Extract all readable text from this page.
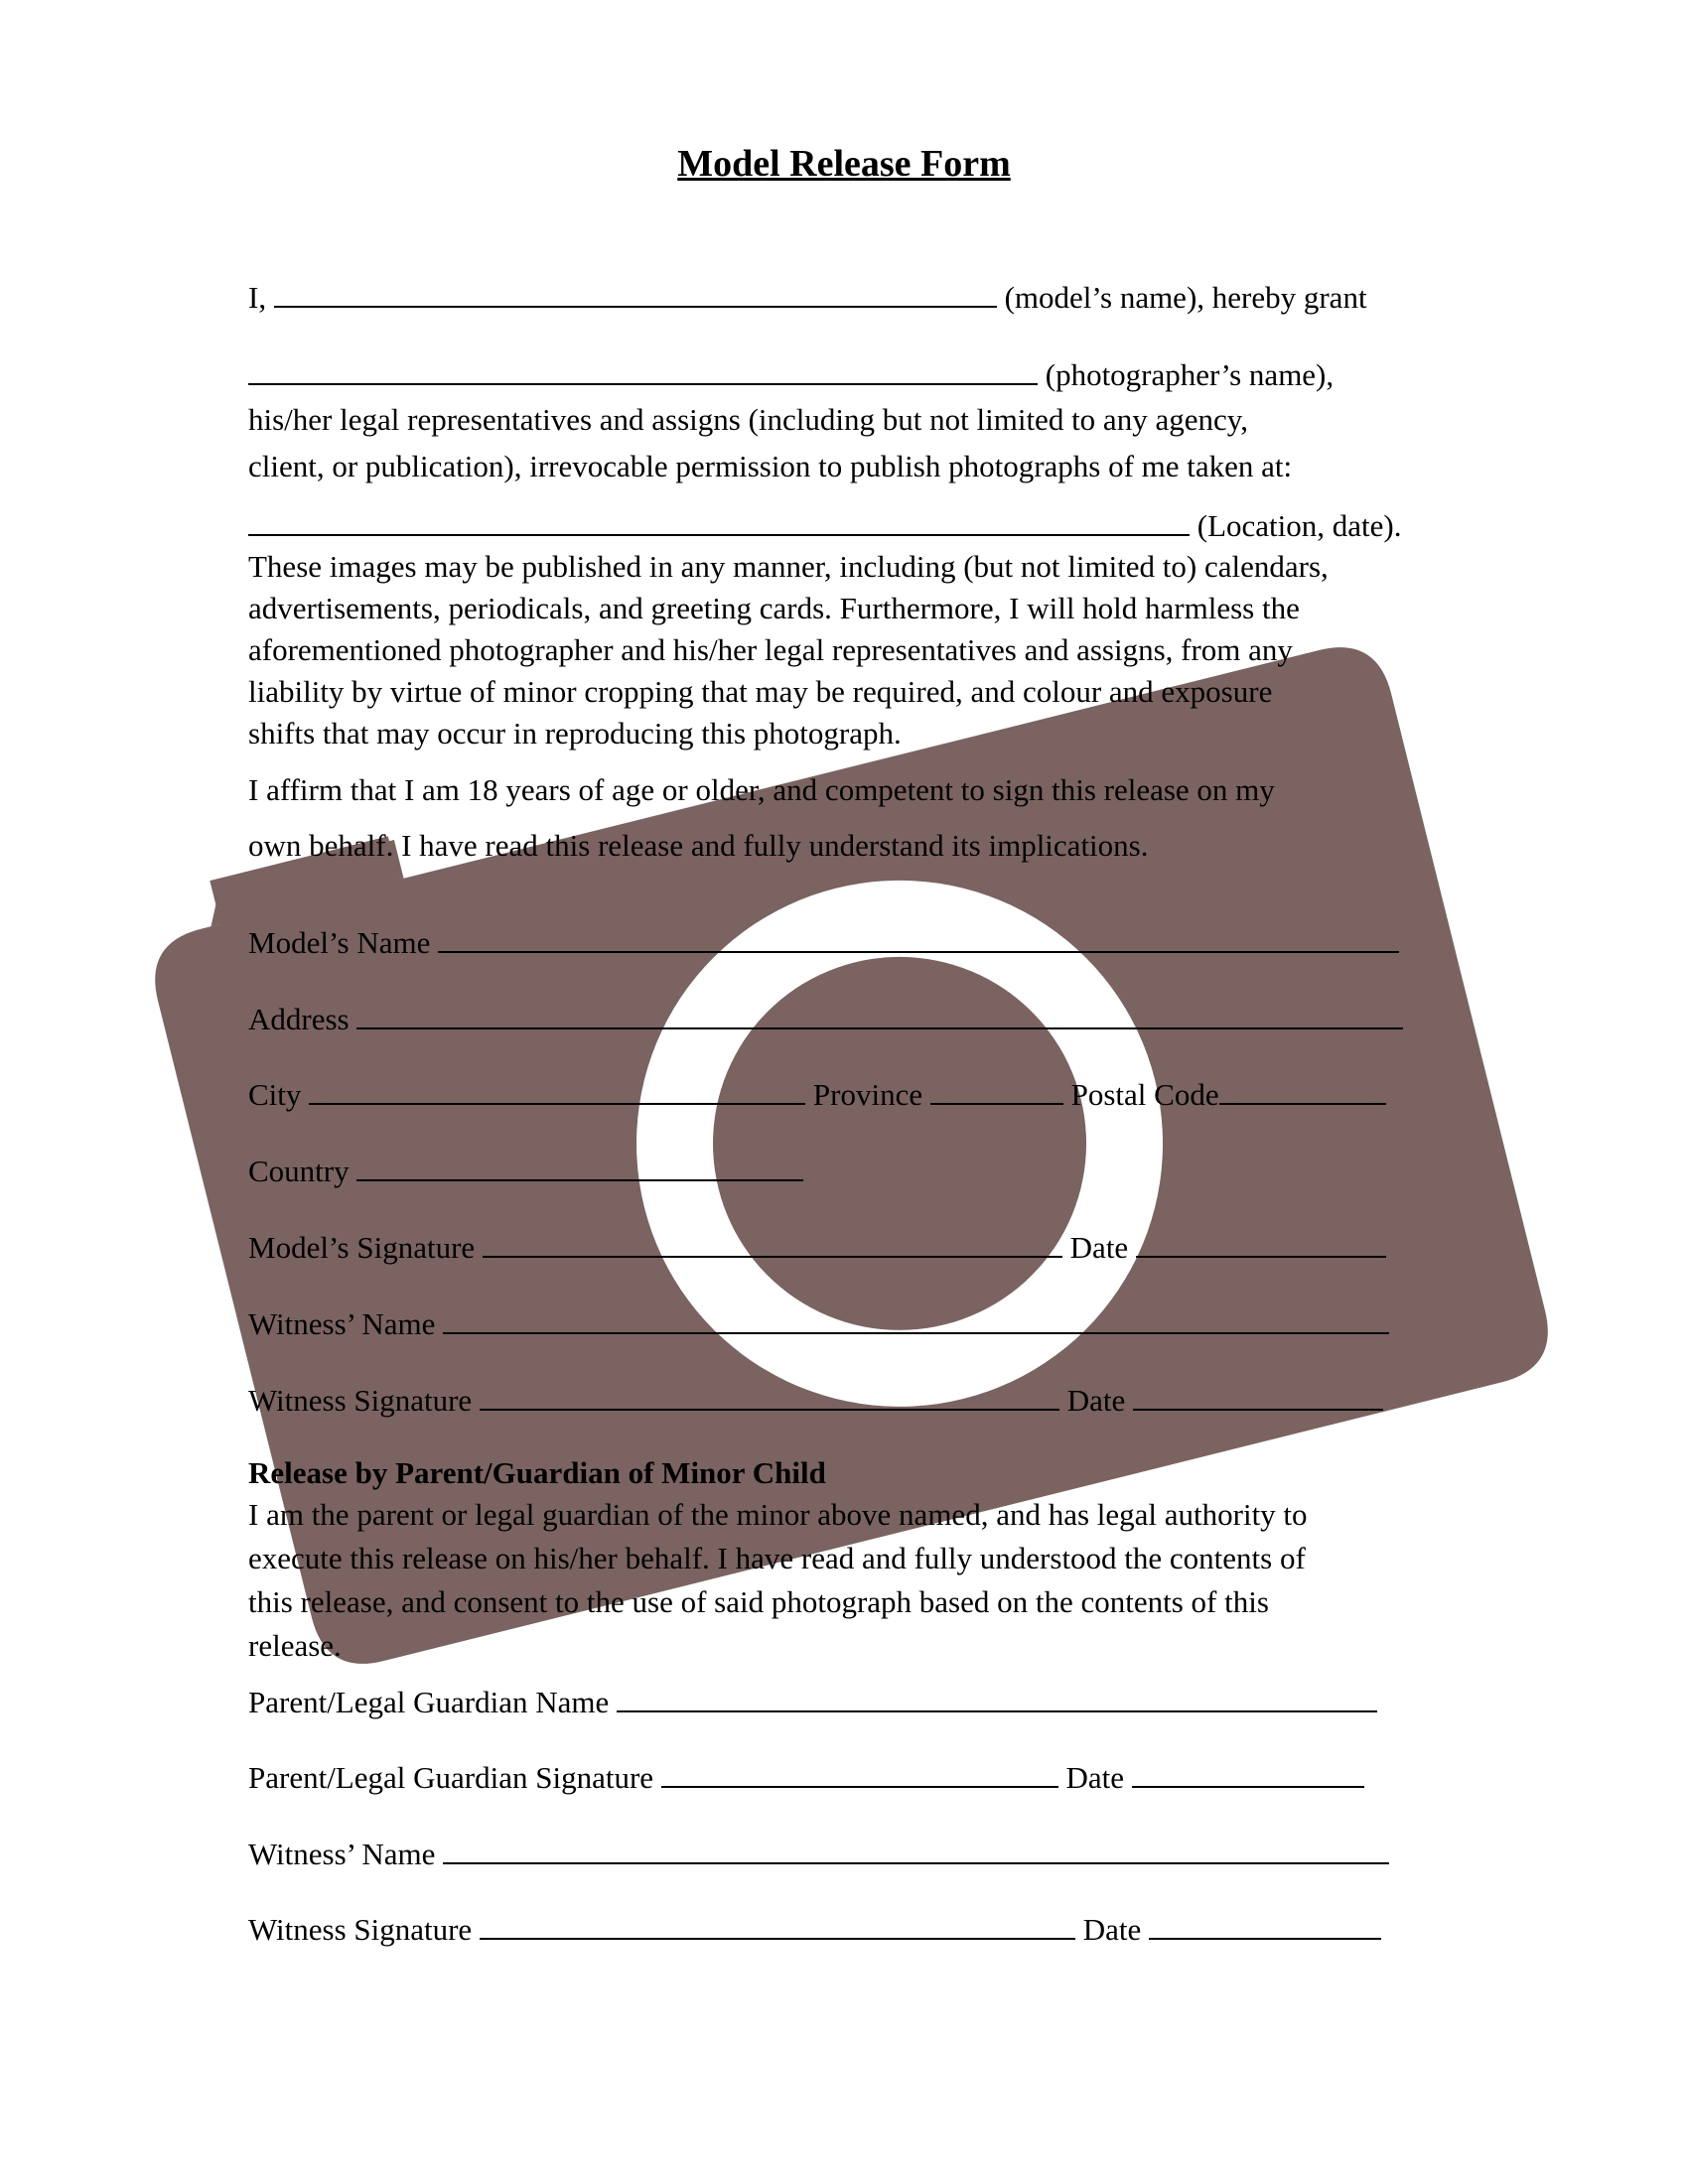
Model Release Form
I,	(model’s name), hereby grant
(photographer’s name),
his/her legal representatives and assigns (including but not limited to any agency,
client, or publication), irrevocable permission to publish photographs of me taken at:
(Location, date).
These images may be published in any manner, including (but not limited to) calendars,
advertisements, periodicals, and greeting cards. Furthermore, I will hold harmless the
aforementioned photographer and his/her legal representatives and assigns, from any
liability by virtue of minor cropping that may be required, and colour and exposure
shifts that may occur in reproducing this photograph.
I affirm that I am 18 years of age or older, and competent to sign this release on my
own behalf. I have read this release and fully understand its implications.
Model’s Name
Address
City	Province	Postal Code
Country
Model’s Signature	Date
Witness’ Name
Witness Signature	Date
Release by Parent/Guardian of Minor Child
I am the parent or legal guardian of the minor above named, and has legal authority to
execute this release on his/her behalf. I have read and fully understood the contents of
this release, and consent to the use of said photograph based on the contents of this
release.
Parent/Legal Guardian Name
Parent/Legal Guardian Signature	Date
Witness’ Name
Witness Signature	Date
